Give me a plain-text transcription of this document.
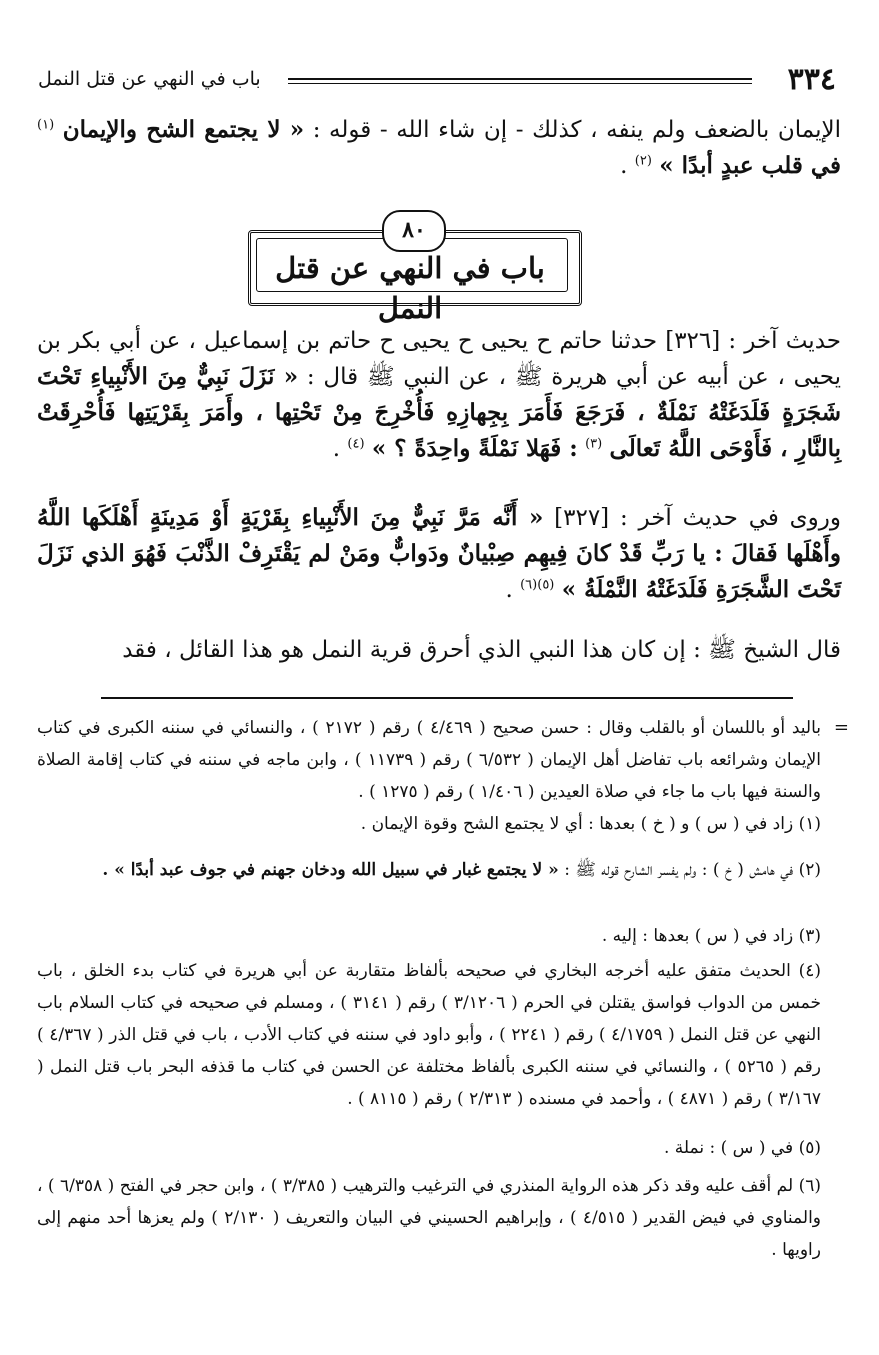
٣٣٤
باب في النهي عن قتل النمل

الإيمان بالضعف ولم ينفه ، كذلك - إن شاء الله - قوله : « لا يجتمع الشح والإيمان $^{(١)}$ في قلب عبدٍ أبدًا » $^{(٢)}$ .

٨٠
باب في النهي عن قتل النمل

حديث آخر : [٣٢٦] حدثنا حاتم ح يحيى ح يحيى ح حاتم بن إسماعيل ، عن أبي بكر بن يحيى ، عن أبيه عن أبي هريرة ﷺ ، عن النبي ﷺ قال : « نَزَلَ نَبِيٌّ مِنَ الأَنْبِياءِ تَحْتَ شَجَرَةٍ فَلَدَغَتْهُ نَمْلَةٌ ، فَرَجَعَ فَأَمَرَ بِجِهازِهِ فَأُخْرِجَ مِنْ تَحْتِها ، وأَمَرَ بِقَرْيَتِها فَأُحْرِقَتْ بِالنَّارِ ، فَأَوْحَى اللَّهُ تَعالَى $^{(٣)}$ : فَهَلا نَمْلَةً واحِدَةً ؟ » $^{(٤)}$ .

وروى في حديث آخر : [٣٢٧] « أَنَّه مَرَّ نَبِيٌّ مِنَ الأَنْبِياءِ بِقَرْيَةٍ أَوْ مَدِينَةٍ أَهْلَكَها اللَّهُ وأَهْلَها فَقالَ : يا رَبِّ قَدْ كانَ فِيهِم صِبْيانٌ ودَوابٌّ ومَنْ لم يَقْتَرِفْ الذَّنْبَ فَهُوَ الذي نَزَلَ تَحْتَ الشَّجَرَةِ فَلَدَغَتْهُ النَّمْلَةُ » $^{(٥)(٦)}$ .

قال الشيخ ﷺ : إن كان هذا النبي الذي أحرق قرية النمل هو هذا القائل ، فقد

=
باليد أو باللسان أو بالقلب وقال : حسن صحيح ( ٤/٤٦٩ ) رقم ( ٢١٧٢ ) ، والنسائي في سننه الكبرى في كتاب الإيمان وشرائعه باب تفاضل أهل الإيمان ( ٦/٥٣٢ ) رقم ( ١١٧٣٩ ) ، وابن ماجه في سننه في كتاب إقامة الصلاة والسنة فيها باب ما جاء في صلاة العيدين ( ١/٤٠٦ ) رقم ( ١٢٧٥ ) .

(١) زاد في ( س ) و ( خ ) بعدها : أي لا يجتمع الشح وقوة الإيمان .

(٢) في هامش ( خ ) : ولم يفسر الشارح قوله ﷺ : « لا يجتمع غبار في سبيل الله ودخان جهنم في جوف عبد أبدًا » .

(٣) زاد في ( س ) بعدها : إليه .

(٤) الحديث متفق عليه أخرجه البخاري في صحيحه بألفاظ متقاربة عن أبي هريرة في كتاب بدء الخلق ، باب خمس من الدواب فواسق يقتلن في الحرم ( ٣/١٢٠٦ ) رقم ( ٣١٤١ ) ، ومسلم في صحيحه في كتاب السلام باب النهي عن قتل النمل ( ٤/١٧٥٩ ) رقم ( ٢٢٤١ ) ، وأبو داود في سننه في كتاب الأدب ، باب في قتل الذر ( ٤/٣٦٧ ) رقم ( ٥٢٦٥ ) ، والنسائي في سننه الكبرى بألفاظ مختلفة عن الحسن في كتاب ما قذفه البحر باب قتل النمل ( ٣/١٦٧ ) رقم ( ٤٨٧١ ) ، وأحمد في مسنده ( ٢/٣١٣ ) رقم ( ٨١١٥ ) .

(٥) في ( س ) : نملة .

(٦) لم أقف عليه وقد ذكر هذه الرواية المنذري في الترغيب والترهيب ( ٣/٣٨٥ ) ، وابن حجر في الفتح ( ٦/٣٥٨ ) ، والمناوي في فيض القدير ( ٤/٥١٥ ) ، وإبراهيم الحسيني في البيان والتعريف ( ٢/١٣٠ ) ولم يعزها أحد منهم إلى راويها .
